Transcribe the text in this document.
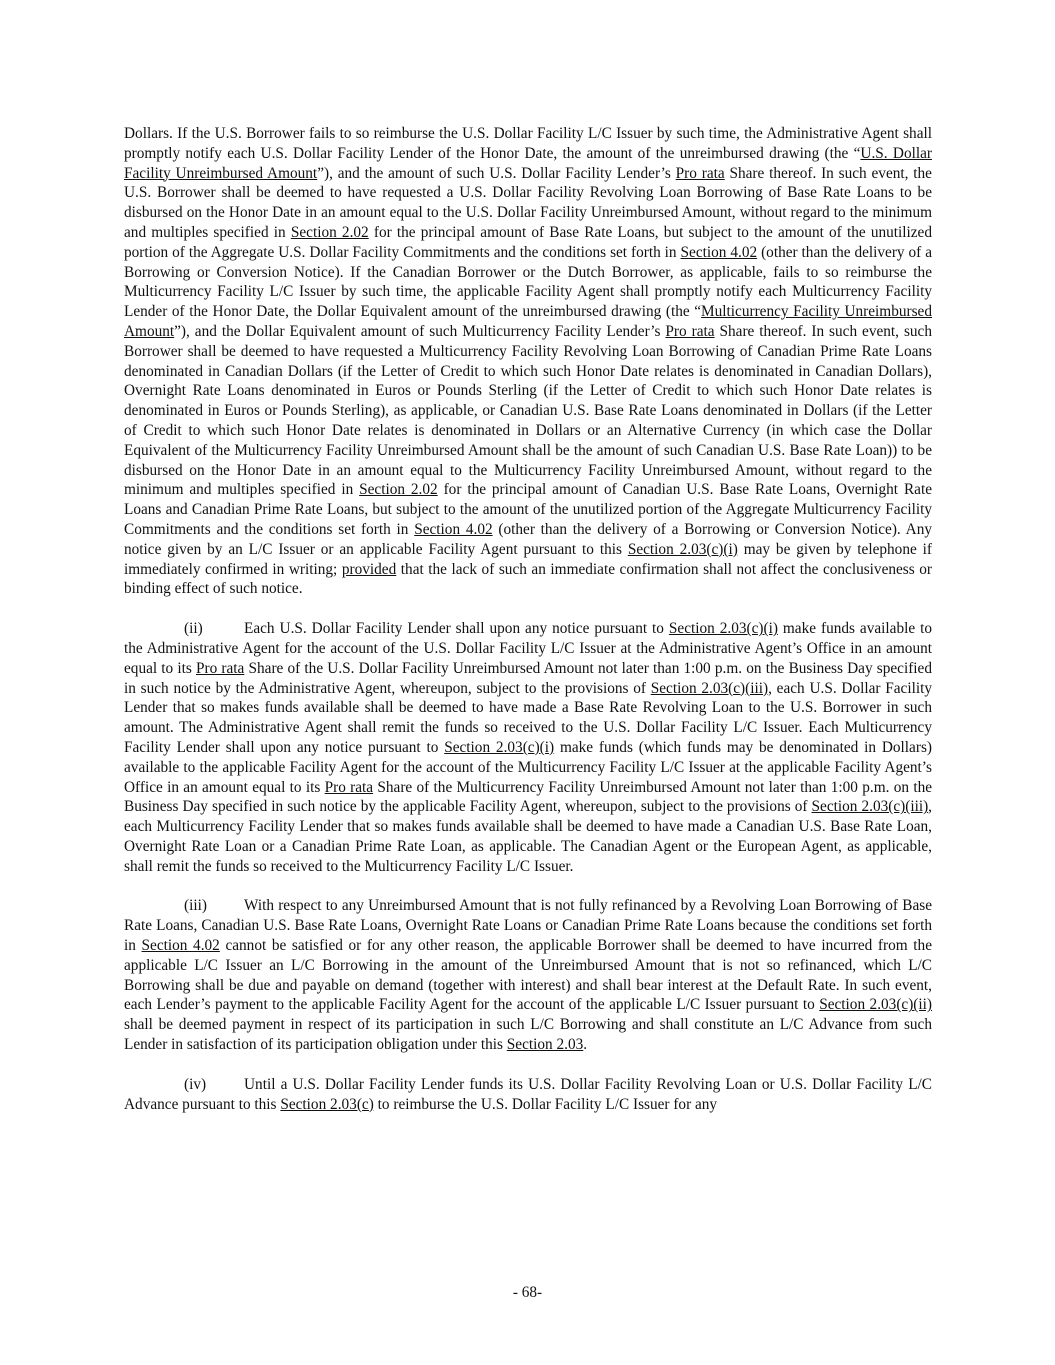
Dollars. If the U.S. Borrower fails to so reimburse the U.S. Dollar Facility L/C Issuer by such time, the Administrative Agent shall promptly notify each U.S. Dollar Facility Lender of the Honor Date, the amount of the unreimbursed drawing (the “U.S. Dollar Facility Unreimbursed Amount”), and the amount of such U.S. Dollar Facility Lender’s Pro rata Share thereof. In such event, the U.S. Borrower shall be deemed to have requested a U.S. Dollar Facility Revolving Loan Borrowing of Base Rate Loans to be disbursed on the Honor Date in an amount equal to the U.S. Dollar Facility Unreimbursed Amount, without regard to the minimum and multiples specified in Section 2.02 for the principal amount of Base Rate Loans, but subject to the amount of the unutilized portion of the Aggregate U.S. Dollar Facility Commitments and the conditions set forth in Section 4.02 (other than the delivery of a Borrowing or Conversion Notice). If the Canadian Borrower or the Dutch Borrower, as applicable, fails to so reimburse the Multicurrency Facility L/C Issuer by such time, the applicable Facility Agent shall promptly notify each Multicurrency Facility Lender of the Honor Date, the Dollar Equivalent amount of the unreimbursed drawing (the “Multicurrency Facility Unreimbursed Amount”), and the Dollar Equivalent amount of such Multicurrency Facility Lender’s Pro rata Share thereof. In such event, such Borrower shall be deemed to have requested a Multicurrency Facility Revolving Loan Borrowing of Canadian Prime Rate Loans denominated in Canadian Dollars (if the Letter of Credit to which such Honor Date relates is denominated in Canadian Dollars), Overnight Rate Loans denominated in Euros or Pounds Sterling (if the Letter of Credit to which such Honor Date relates is denominated in Euros or Pounds Sterling), as applicable, or Canadian U.S. Base Rate Loans denominated in Dollars (if the Letter of Credit to which such Honor Date relates is denominated in Dollars or an Alternative Currency (in which case the Dollar Equivalent of the Multicurrency Facility Unreimbursed Amount shall be the amount of such Canadian U.S. Base Rate Loan)) to be disbursed on the Honor Date in an amount equal to the Multicurrency Facility Unreimbursed Amount, without regard to the minimum and multiples specified in Section 2.02 for the principal amount of Canadian U.S. Base Rate Loans, Overnight Rate Loans and Canadian Prime Rate Loans, but subject to the amount of the unutilized portion of the Aggregate Multicurrency Facility Commitments and the conditions set forth in Section 4.02 (other than the delivery of a Borrowing or Conversion Notice). Any notice given by an L/C Issuer or an applicable Facility Agent pursuant to this Section 2.03(c)(i) may be given by telephone if immediately confirmed in writing; provided that the lack of such an immediate confirmation shall not affect the conclusiveness or binding effect of such notice.

(ii)	Each U.S. Dollar Facility Lender shall upon any notice pursuant to Section 2.03(c)(i) make funds available to the Administrative Agent for the account of the U.S. Dollar Facility L/C Issuer at the Administrative Agent’s Office in an amount equal to its Pro rata Share of the U.S. Dollar Facility Unreimbursed Amount not later than 1:00 p.m. on the Business Day specified in such notice by the Administrative Agent, whereupon, subject to the provisions of Section 2.03(c)(iii), each U.S. Dollar Facility Lender that so makes funds available shall be deemed to have made a Base Rate Revolving Loan to the U.S. Borrower in such amount. The Administrative Agent shall remit the funds so received to the U.S. Dollar Facility L/C Issuer. Each Multicurrency Facility Lender shall upon any notice pursuant to Section 2.03(c)(i) make funds (which funds may be denominated in Dollars) available to the applicable Facility Agent for the account of the Multicurrency Facility L/C Issuer at the applicable Facility Agent’s Office in an amount equal to its Pro rata Share of the Multicurrency Facility Unreimbursed Amount not later than 1:00 p.m. on the Business Day specified in such notice by the applicable Facility Agent, whereupon, subject to the provisions of Section 2.03(c)(iii), each Multicurrency Facility Lender that so makes funds available shall be deemed to have made a Canadian U.S. Base Rate Loan, Overnight Rate Loan or a Canadian Prime Rate Loan, as applicable. The Canadian Agent or the European Agent, as applicable, shall remit the funds so received to the Multicurrency Facility L/C Issuer.

(iii) With respect to any Unreimbursed Amount that is not fully refinanced by a Revolving Loan Borrowing of Base Rate Loans, Canadian U.S. Base Rate Loans, Overnight Rate Loans or Canadian Prime Rate Loans because the conditions set forth in Section 4.02 cannot be satisfied or for any other reason, the applicable Borrower shall be deemed to have incurred from the applicable L/C Issuer an L/C Borrowing in the amount of the Unreimbursed Amount that is not so refinanced, which L/C Borrowing shall be due and payable on demand (together with interest) and shall bear interest at the Default Rate. In such event, each Lender’s payment to the applicable Facility Agent for the account of the applicable L/C Issuer pursuant to Section 2.03(c)(ii) shall be deemed payment in respect of its participation in such L/C Borrowing and shall constitute an L/C Advance from such Lender in satisfaction of its participation obligation under this Section 2.03.

(iv) Until a U.S. Dollar Facility Lender funds its U.S. Dollar Facility Revolving Loan or U.S. Dollar Facility L/C Advance pursuant to this Section 2.03(c) to reimburse the U.S. Dollar Facility L/C Issuer for any

- 68-
